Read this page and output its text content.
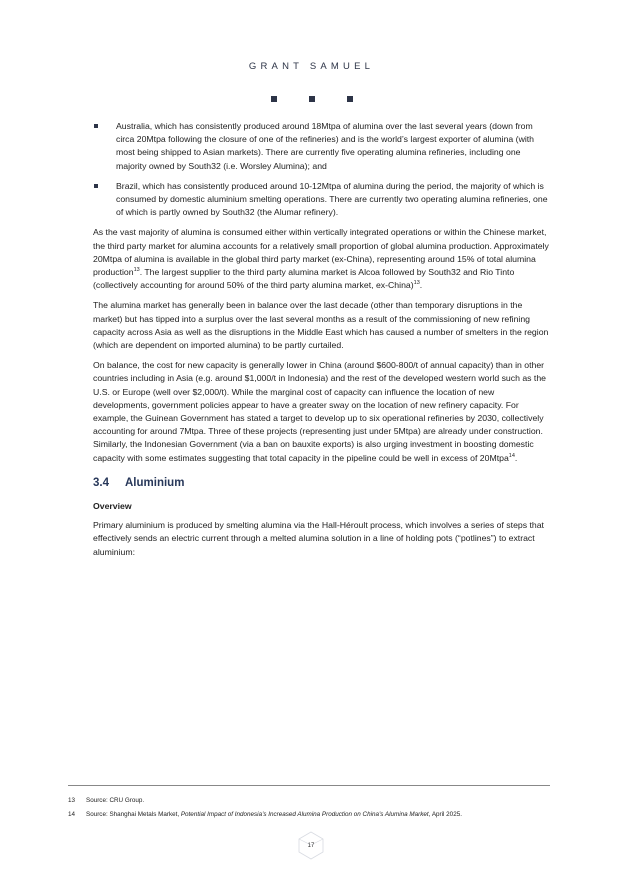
GRANT SAMUEL
Australia, which has consistently produced around 18Mtpa of alumina over the last several years (down from circa 20Mtpa following the closure of one of the refineries) and is the world’s largest exporter of alumina (with most being shipped to Asian markets). There are currently five operating alumina refineries, including one majority owned by South32 (i.e. Worsley Alumina); and
Brazil, which has consistently produced around 10-12Mtpa of alumina during the period, the majority of which is consumed by domestic aluminium smelting operations. There are currently two operating alumina refineries, one of which is partly owned by South32 (the Alumar refinery).

As the vast majority of alumina is consumed either within vertically integrated operations or within the Chinese market, the third party market for alumina accounts for a relatively small proportion of global alumina production. Approximately 20Mtpa of alumina is available in the global third party market (ex-China), representing around 15% of total alumina production$^{13}$. The largest supplier to the third party alumina market is Alcoa followed by South32 and Rio Tinto (collectively accounting for around 50% of the third party alumina market, ex-China)$^{13}$.

The alumina market has generally been in balance over the last decade (other than temporary disruptions in the market) but has tipped into a surplus over the last several months as a result of the commissioning of new refining capacity across Asia as well as the disruptions in the Middle East which has caused a number of smelters in the region (which are dependent on imported alumina) to be partly curtailed.

On balance, the cost for new capacity is generally lower in China (around $600-800/t of annual capacity) than in other countries including in Asia (e.g. around $1,000/t in Indonesia) and the rest of the developed western world such as the U.S. or Europe (well over $2,000/t). While the marginal cost of capacity can influence the location of new developments, government policies appear to have a greater sway on the location of new refinery capacity. For example, the Guinean Government has stated a target to develop up to six operational refineries by 2030, collectively accounting for around 7Mtpa. Three of these projects (representing just under 5Mtpa) are already under construction. Similarly, the Indonesian Government (via a ban on bauxite exports) is also urging investment in boosting domestic capacity with some estimates suggesting that total capacity in the pipeline could be well in excess of 20Mtpa$^{14}$.

3.4	Aluminium
Overview

Primary aluminium is produced by smelting alumina via the Hall-Héroult process, which involves a series of steps that effectively sends an electric current through a melted alumina solution in a line of holding pots (“potlines”) to extract aluminium:

13 Source: CRU Group.
14 Source: Shanghai Metals Market, Potential Impact of Indonesia’s Increased Alumina Production on China’s Alumina Market, April 2025.
17
